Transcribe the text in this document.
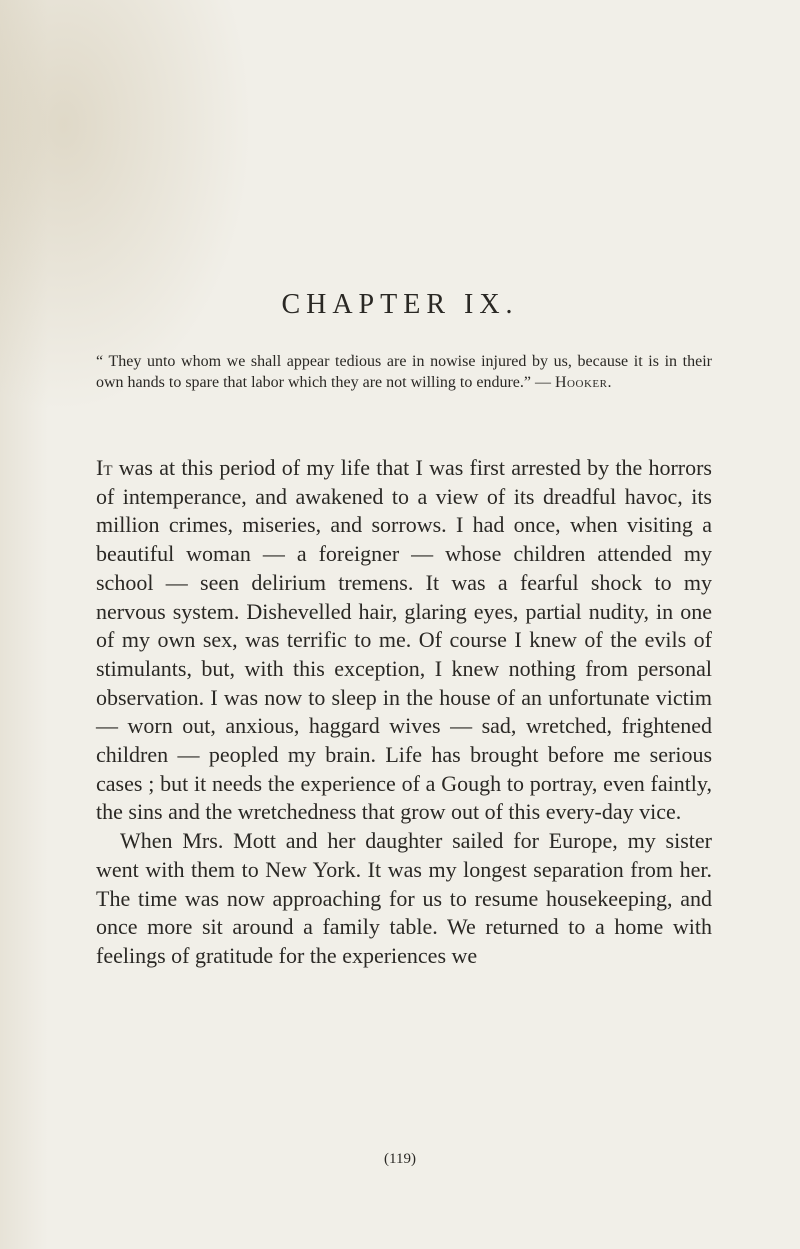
CHAPTER IX.
“ They unto whom we shall appear tedious are in nowise injured by us, because it is in their own hands to spare that labor which they are not willing to endure.” — Hooker.

It was at this period of my life that I was first arrested by the horrors of intemperance, and awakened to a view of its dreadful havoc, its million crimes, miseries, and sorrows. I had once, when visiting a beautiful woman — a foreigner — whose children attended my school — seen delirium tremens. It was a fearful shock to my nervous system. Dishevelled hair, glaring eyes, partial nudity, in one of my own sex, was terrific to me. Of course I knew of the evils of stimulants, but, with this exception, I knew nothing from personal observation. I was now to sleep in the house of an unfortunate victim — worn out, anxious, haggard wives — sad, wretched, frightened children — peopled my brain. Life has brought before me serious cases ; but it needs the experience of a Gough to portray, even faintly, the sins and the wretchedness that grow out of this every-day vice.

When Mrs. Mott and her daughter sailed for Europe, my sister went with them to New York. It was my longest separation from her. The time was now approaching for us to resume housekeeping, and once more sit around a family table. We returned to a home with feelings of gratitude for the experiences we

(119)
